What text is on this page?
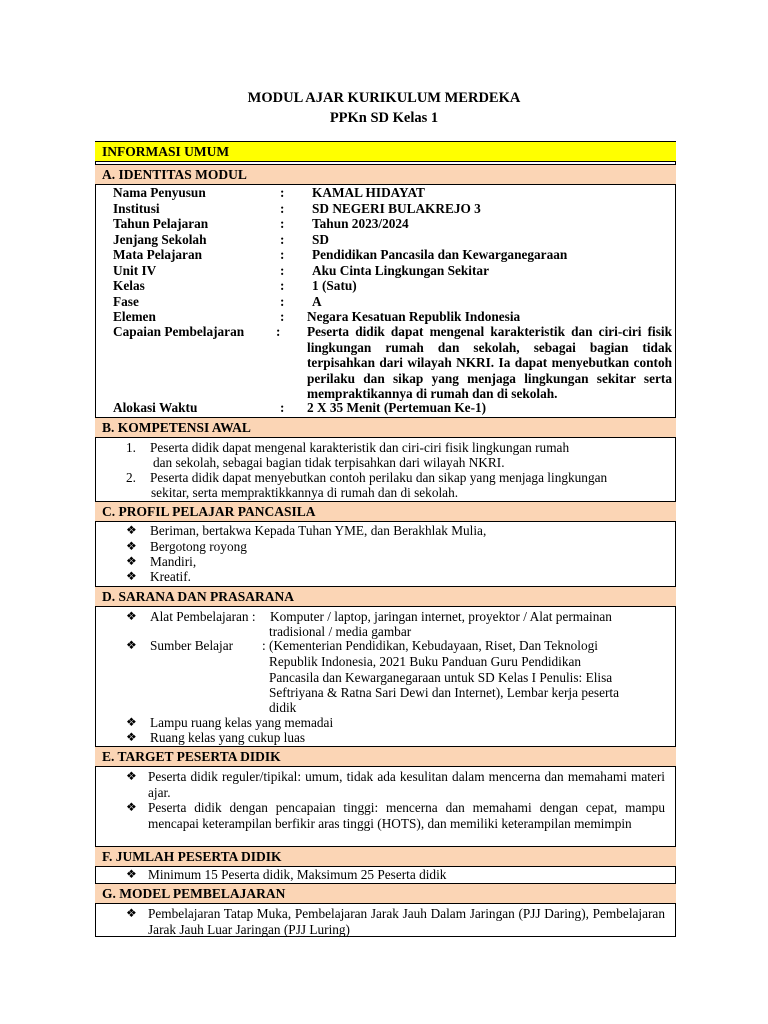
MODUL AJAR KURIKULUM MERDEKA
PPKn SD Kelas 1
INFORMASI UMUM
A. IDENTITAS MODUL
Nama Penyusun	: KAMAL HIDAYAT
Institusi	: SD NEGERI BULAKREJO 3
Tahun Pelajaran	: Tahun 2023/2024
Jenjang Sekolah	: SD
Mata Pelajaran	: Pendidikan Pancasila dan Kewarganegaraan
Unit IV	: Aku Cinta Lingkungan Sekitar
Kelas	: 1 (Satu)
Fase	: A
Elemen	: Negara Kesatuan Republik Indonesia
Capaian Pembelajaran : Peserta didik dapat mengenal karakteristik dan ciri-ciri fisik lingkungan rumah dan sekolah, sebagai bagian tidak terpisahkan dari wilayah NKRI. Ia dapat menyebutkan contoh perilaku dan sikap yang menjaga lingkungan sekitar serta mempraktikannya di rumah dan di sekolah.
Alokasi Waktu	: 2 X 35 Menit (Pertemuan Ke-1)
B. KOMPETENSI AWAL
1. Peserta didik dapat mengenal karakteristik dan ciri-ciri fisik lingkungan rumah
dan sekolah, sebagai bagian tidak terpisahkan dari wilayah NKRI.
2. Peserta didik dapat menyebutkan contoh perilaku dan sikap yang menjaga lingkungan
sekitar, serta mempraktikkannya di rumah dan di sekolah.
C. PROFIL PELAJAR PANCASILA
❖ Beriman, bertakwa Kepada Tuhan YME, dan Berakhlak Mulia,
❖ Bergotong royong
❖ Mandiri,
❖ Kreatif.
D. SARANA DAN PRASARANA
❖ Alat Pembelajaran : Komputer / laptop, jaringan internet, proyektor / Alat permainan
tradisional / media gambar
❖ Sumber Belajar : (Kementerian Pendidikan, Kebudayaan, Riset, Dan Teknologi
Republik Indonesia, 2021 Buku Panduan Guru Pendidikan
Pancasila dan Kewarganegaraan untuk SD Kelas I Penulis: Elisa
Seftriyana & Ratna Sari Dewi dan Internet), Lembar kerja peserta
didik
❖ Lampu ruang kelas yang memadai
❖ Ruang kelas yang cukup luas
E. TARGET PESERTA DIDIK
❖ Peserta didik reguler/tipikal: umum, tidak ada kesulitan dalam mencerna dan memahami materi ajar.
❖ Peserta didik dengan pencapaian tinggi: mencerna dan memahami dengan cepat, mampu mencapai keterampilan berfikir aras tinggi (HOTS), dan memiliki keterampilan memimpin
F. JUMLAH PESERTA DIDIK
❖ Minimum 15 Peserta didik, Maksimum 25 Peserta didik
G. MODEL PEMBELAJARAN
❖ Pembelajaran Tatap Muka, Pembelajaran Jarak Jauh Dalam Jaringan (PJJ Daring), Pembelajaran Jarak Jauh Luar Jaringan (PJJ Luring)
